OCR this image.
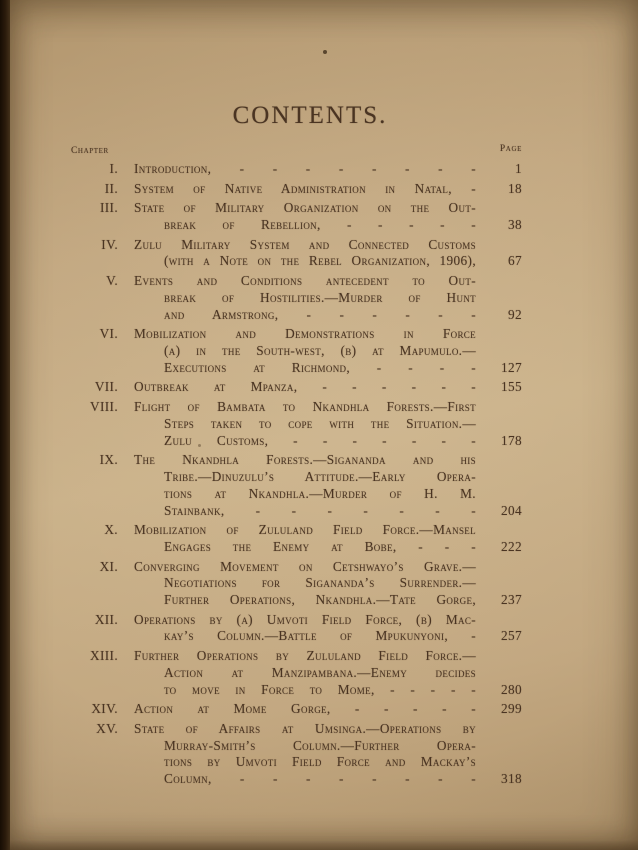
CONTENTS.
Chapter	Page
I.	Introduction, - - - - - - - -	1
II.	System of Native Administration in Natal, -	18
III.	State of Military Organization on the Out-
break of Rebellion, - - - - -	38
IV.	Zulu Military System and Connected Customs
(with a Note on the Rebel Organization, 1906),	67
V.	Events and Conditions antecedent to Out-
break of Hostilities.—Murder of Hunt
and Armstrong, - - - - - -	92
VI.	Mobilization and Demonstrations in Force
(a) in the South-west, (b) at Mapumulo.—
Executions at Richmond, - - - -	127
VII.	Outbreak at Mpanza, - - - - - -	155
VIII.	Flight of Bambata to Nkandhla Forests.—First
Steps taken to cope with the Situation.—
Zulu Customs, - - - - - - -	178
IX.	The Nkandhla Forests.—Sigananda and his
Tribe.—Dinuzulu’s Attitude.—Early Opera-
tions at Nkandhla.—Murder of H. M.
Stainbank, - - - - - - -	204
X.	Mobilization of Zululand Field Force.—Mansel
Engages the Enemy at Bobe, - - -	222
XI.	Converging Movement on Cetshwayo’s Grave.—
Negotiations for Sigananda’s Surrender.—
Further Operations, Nkandhla.—Tate Gorge,	237
XII.	Operations by (a) Umvoti Field Force, (b) Mac-
kay’s Column.—Battle of Mpukunyoni, -	257
XIII.	Further Operations by Zululand Field Force.—
Action at Manzipambana.—Enemy decides
to move in Force to Mome, - - - - -	280
XIV.	Action at Mome Gorge, - - - - -	299
XV.	State of Affairs at Umsinga.—Operations by
Murray-Smith’s Column.—Further Opera-
tions by Umvoti Field Force and Mackay’s
Column, - - - - - - - -	318
